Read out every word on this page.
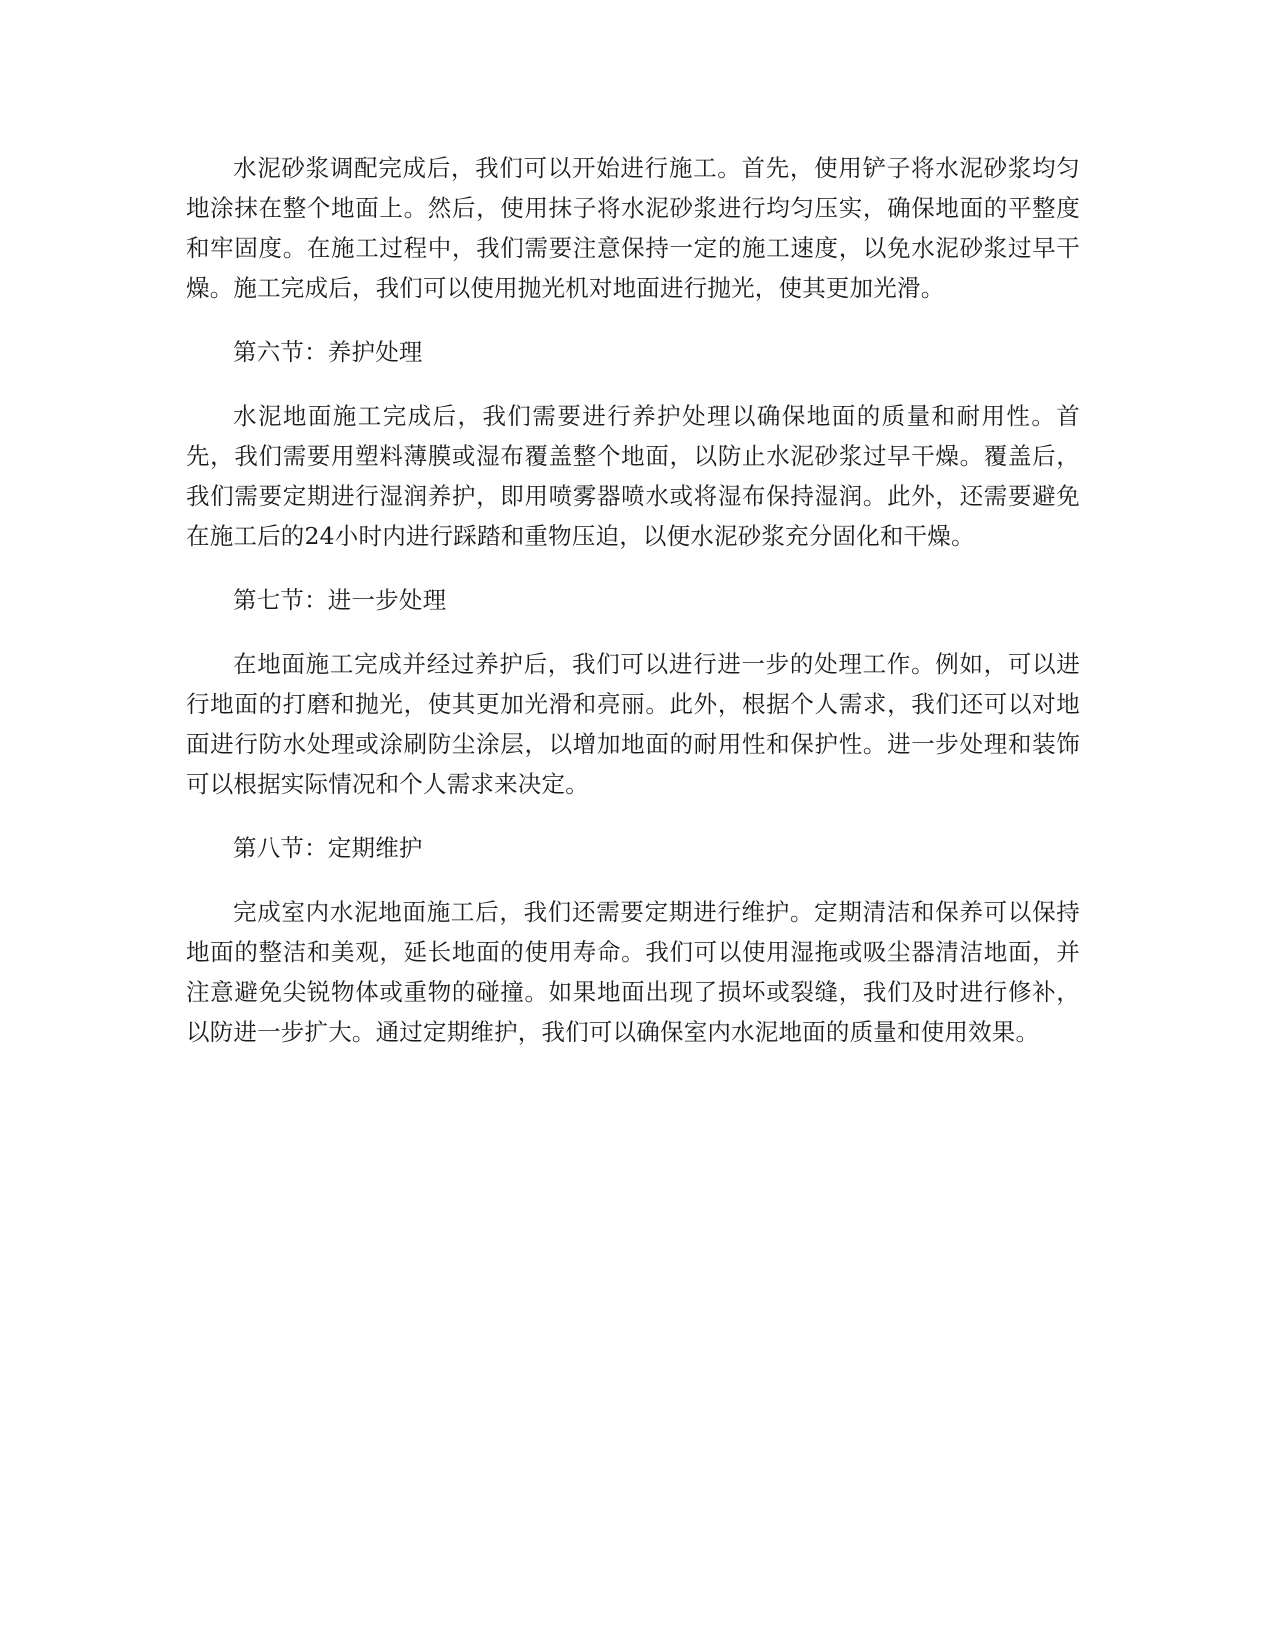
水泥砂浆调配完成后，我们可以开始进行施工。首先，使用铲子将水泥砂浆均匀地涂抹在整个地面上。然后，使用抹子将水泥砂浆进行均匀压实，确保地面的平整度和牢固度。在施工过程中，我们需要注意保持一定的施工速度，以免水泥砂浆过早干燥。施工完成后，我们可以使用抛光机对地面进行抛光，使其更加光滑。

第六节：养护处理

水泥地面施工完成后，我们需要进行养护处理以确保地面的质量和耐用性。首先，我们需要用塑料薄膜或湿布覆盖整个地面，以防止水泥砂浆过早干燥。覆盖后，我们需要定期进行湿润养护，即用喷雾器喷水或将湿布保持湿润。此外，还需要避免在施工后的24小时内进行踩踏和重物压迫，以便水泥砂浆充分固化和干燥。

第七节：进一步处理

在地面施工完成并经过养护后，我们可以进行进一步的处理工作。例如，可以进行地面的打磨和抛光，使其更加光滑和亮丽。此外，根据个人需求，我们还可以对地面进行防水处理或涂刷防尘涂层，以增加地面的耐用性和保护性。进一步处理和装饰可以根据实际情况和个人需求来决定。

第八节：定期维护

完成室内水泥地面施工后，我们还需要定期进行维护。定期清洁和保养可以保持地面的整洁和美观，延长地面的使用寿命。我们可以使用湿拖或吸尘器清洁地面，并注意避免尖锐物体或重物的碰撞。如果地面出现了损坏或裂缝，我们及时进行修补，以防进一步扩大。通过定期维护，我们可以确保室内水泥地面的质量和使用效果。
